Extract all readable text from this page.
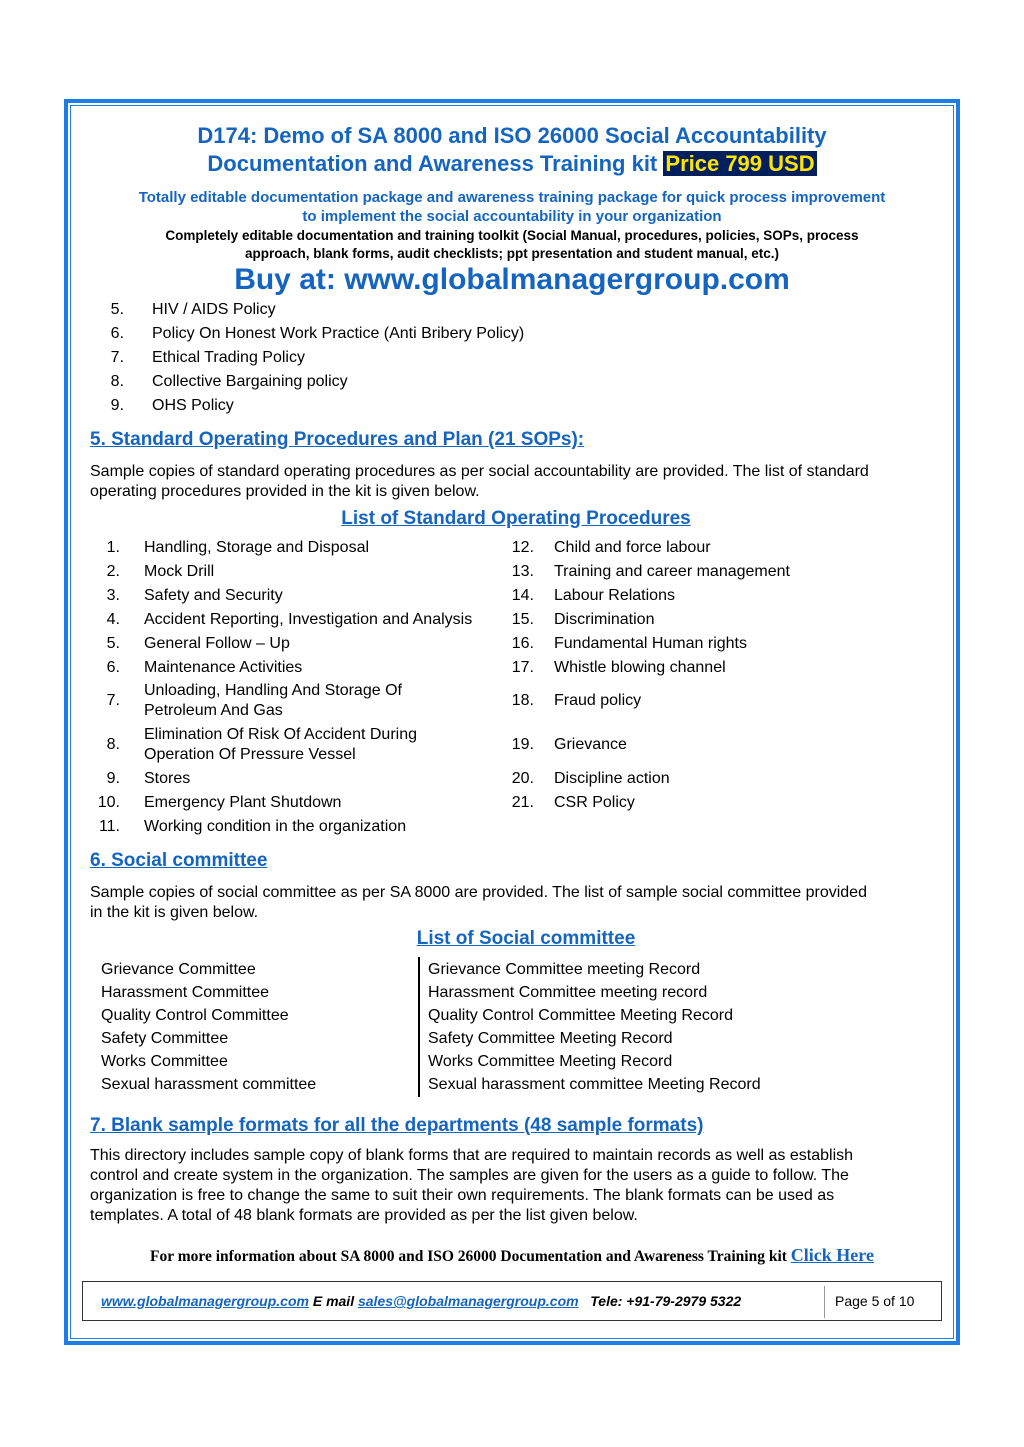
D174: Demo of SA 8000 and ISO 26000 Social Accountability
Documentation and Awareness Training kit Price 799 USD
Totally editable documentation package and awareness training package for quick process improvement
to implement the social accountability in your organization
Completely editable documentation and training toolkit (Social Manual, procedures, policies, SOPs, process
approach, blank forms, audit checklists; ppt presentation and student manual, etc.)
Buy at: www.globalmanagergroup.com
5. HIV / AIDS Policy
6. Policy On Honest Work Practice (Anti Bribery Policy)
7. Ethical Trading Policy
8. Collective Bargaining policy
9. OHS Policy
5. Standard Operating Procedures and Plan (21 SOPs):
Sample copies of standard operating procedures as per social accountability are provided. The list of standard
operating procedures provided in the kit is given below.
List of Standard Operating Procedures
1. Handling, Storage and Disposal
2. Mock Drill
3. Safety and Security
4. Accident Reporting, Investigation and Analysis
5. General Follow – Up
6. Maintenance Activities
7.
Unloading, Handling And Storage Of
Petroleum And Gas
8.
Elimination Of Risk Of Accident During
Operation Of Pressure Vessel
9. Stores
10. Emergency Plant Shutdown
11. Working condition in the organization
12. Child and force labour
13. Training and career management
14. Labour Relations
15. Discrimination
16. Fundamental Human rights
17. Whistle blowing channel
18. Fraud policy
19. Grievance
20. Discipline action
21. CSR Policy
6. Social committee
Sample copies of social committee as per SA 8000 are provided. The list of sample social committee provided
in the kit is given below.
List of Social committee
Grievance Committee	Grievance Committee meeting Record
Harassment Committee	Harassment Committee meeting record
Quality Control Committee	Quality Control Committee Meeting Record
Safety Committee	Safety Committee Meeting Record
Works Committee	Works Committee Meeting Record
Sexual harassment committee	Sexual harassment committee Meeting Record
7. Blank sample formats for all the departments (48 sample formats)
This directory includes sample copy of blank forms that are required to maintain records as well as establish
control and create system in the organization. The samples are given for the users as a guide to follow. The
organization is free to change the same to suit their own requirements. The blank formats can be used as
templates. A total of 48 blank formats are provided as per the list given below.
For more information about SA 8000 and ISO 26000 Documentation and Awareness Training kit Click Here
www.globalmanagergroup.com E mail sales@globalmanagergroup.com Tele: +91-79-2979 5322	Page 5 of 10
